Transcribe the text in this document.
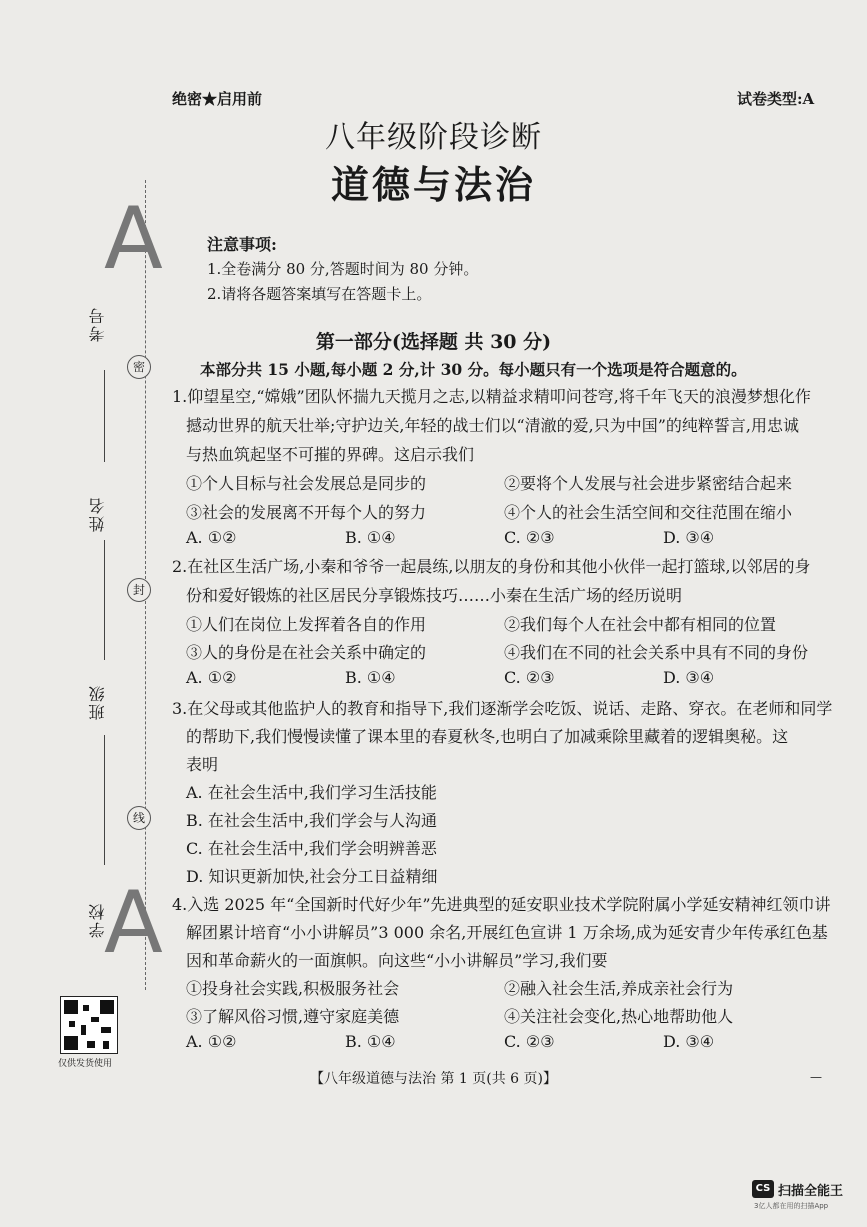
A
A
考号
姓名
班级
学校
密
封
线
仅供发货使用
绝密★启用前	试卷类型:A
八年级阶段诊断
道德与法治
注意事项:
1.全卷满分 80 分,答题时间为 80 分钟。
2.请将各题答案填写在答题卡上。
第一部分(选择题 共 30 分)
本部分共 15 小题,每小题 2 分,计 30 分。每小题只有一个选项是符合题意的。
1.仰望星空,“嫦娥”团队怀揣九天揽月之志,以精益求精叩问苍穹,将千年飞天的浪漫梦想化作
撼动世界的航天壮举;守护边关,年轻的战士们以“清澈的爱,只为中国”的纯粹誓言,用忠诚
与热血筑起坚不可摧的界碑。这启示我们
①个人目标与社会发展总是同步的	②要将个人发展与社会进步紧密结合起来
③社会的发展离不开每个人的努力	④个人的社会生活空间和交往范围在缩小
A. ①②	B. ①④	C. ②③	D. ③④
2.在社区生活广场,小秦和爷爷一起晨练,以朋友的身份和其他小伙伴一起打篮球,以邻居的身
份和爱好锻炼的社区居民分享锻炼技巧……小秦在生活广场的经历说明
①人们在岗位上发挥着各自的作用	②我们每个人在社会中都有相同的位置
③人的身份是在社会关系中确定的	④我们在不同的社会关系中具有不同的身份
A. ①②	B. ①④	C. ②③	D. ③④
3.在父母或其他监护人的教育和指导下,我们逐渐学会吃饭、说话、走路、穿衣。在老师和同学
的帮助下,我们慢慢读懂了课本里的春夏秋冬,也明白了加减乘除里藏着的逻辑奥秘。这
表明
A. 在社会生活中,我们学习生活技能
B. 在社会生活中,我们学会与人沟通
C. 在社会生活中,我们学会明辨善恶
D. 知识更新加快,社会分工日益精细
4.入选 2025 年“全国新时代好少年”先进典型的延安职业技术学院附属小学延安精神红领巾讲
解团累计培育“小小讲解员”3 000 余名,开展红色宣讲 1 万余场,成为延安青少年传承红色基
因和革命薪火的一面旗帜。向这些“小小讲解员”学习,我们要
①投身社会实践,积极服务社会	②融入社会生活,养成亲社会行为
③了解风俗习惯,遵守家庭美德	④关注社会变化,热心地帮助他人
A. ①②	B. ①④	C. ②③	D. ③④
【八年级道德与法治 第 1 页(共 6 页)】	—
CS 扫描全能王
3亿人都在用的扫描App
